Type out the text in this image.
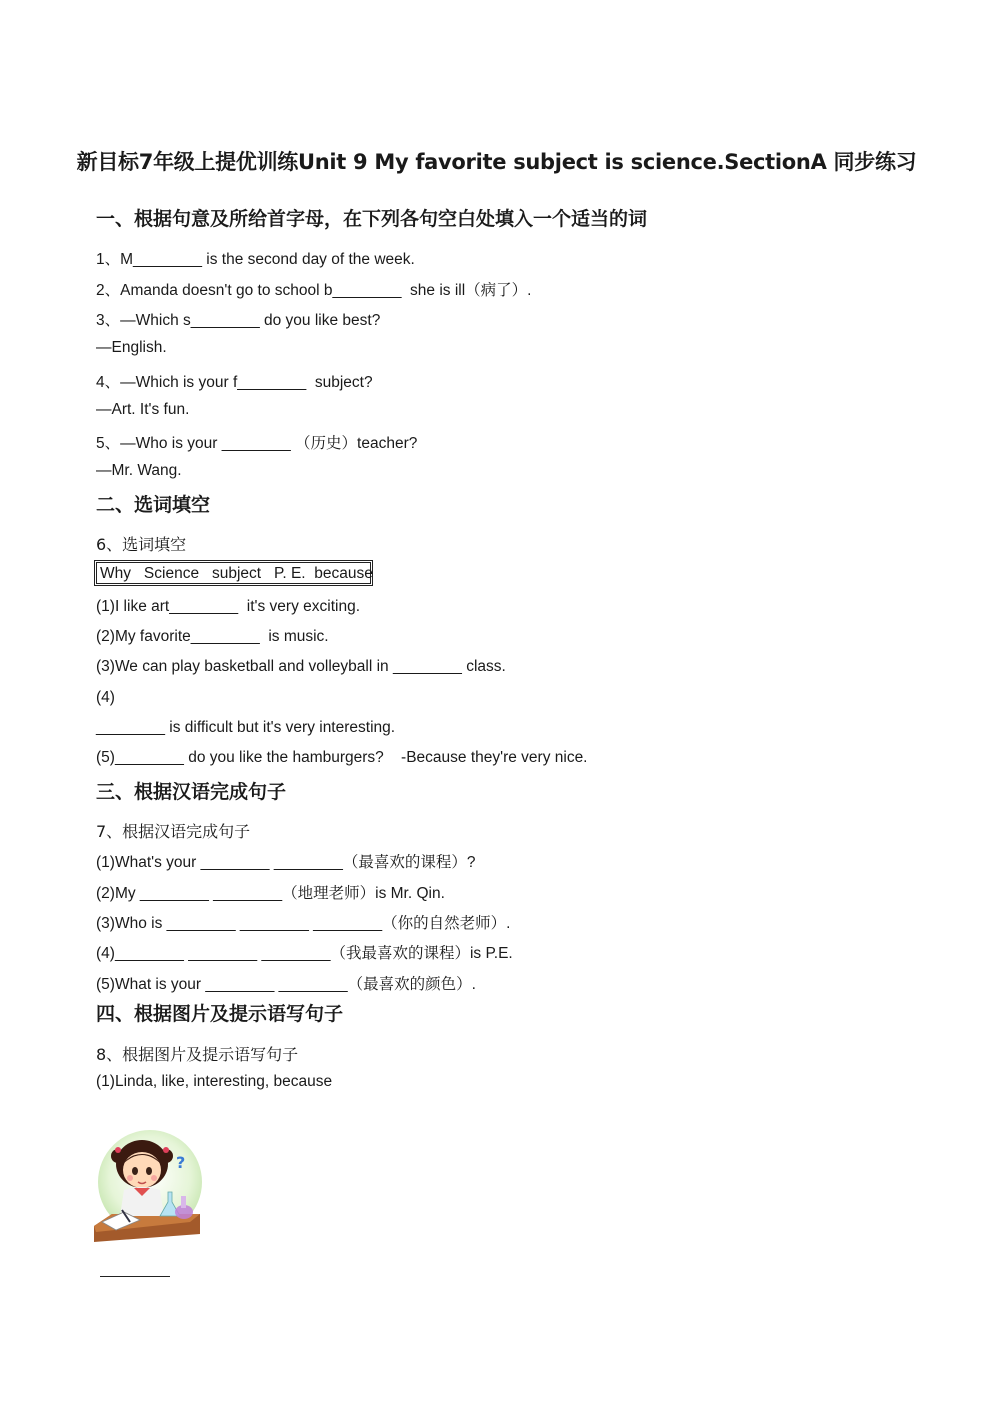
新目标7年级上提优训练Unit 9 My favorite subject is science.SectionA 同步练习
一、根据句意及所给首字母，在下列各句空白处填入一个适当的词
1、M________ is the second day of the week.
2、Amanda doesn't go to school b________  she is ill（病了）.
3、—Which s________ do you like best?
—English.
4、—Which is your f________  subject?
—Art. It's fun.
5、—Who is your ________ （历史）teacher?
—Mr. Wang.
二、选词填空
6、选词填空
Why   Science   subject   P. E.  because
(1)I like art________  it's very exciting.
(2)My favorite________  is music.
(3)We can play basketball and volleyball in ________ class.
(4)
________ is difficult but it's very interesting.
(5)________ do you like the hamburgers?    -Because they're very nice.
三、根据汉语完成句子
7、根据汉语完成句子
(1)What's your ________ ________（最喜欢的课程）?
(2)My ________ ________（地理老师）is Mr. Qin.
(3)Who is ________ ________ ________（你的自然老师）.
(4)________ ________ ________（我最喜欢的课程）is P.E.
(5)What is your ________ ________（最喜欢的颜色）.
四、根据图片及提示语写句子
8、根据图片及提示语写句子
(1)Linda, like, interesting, because
?
